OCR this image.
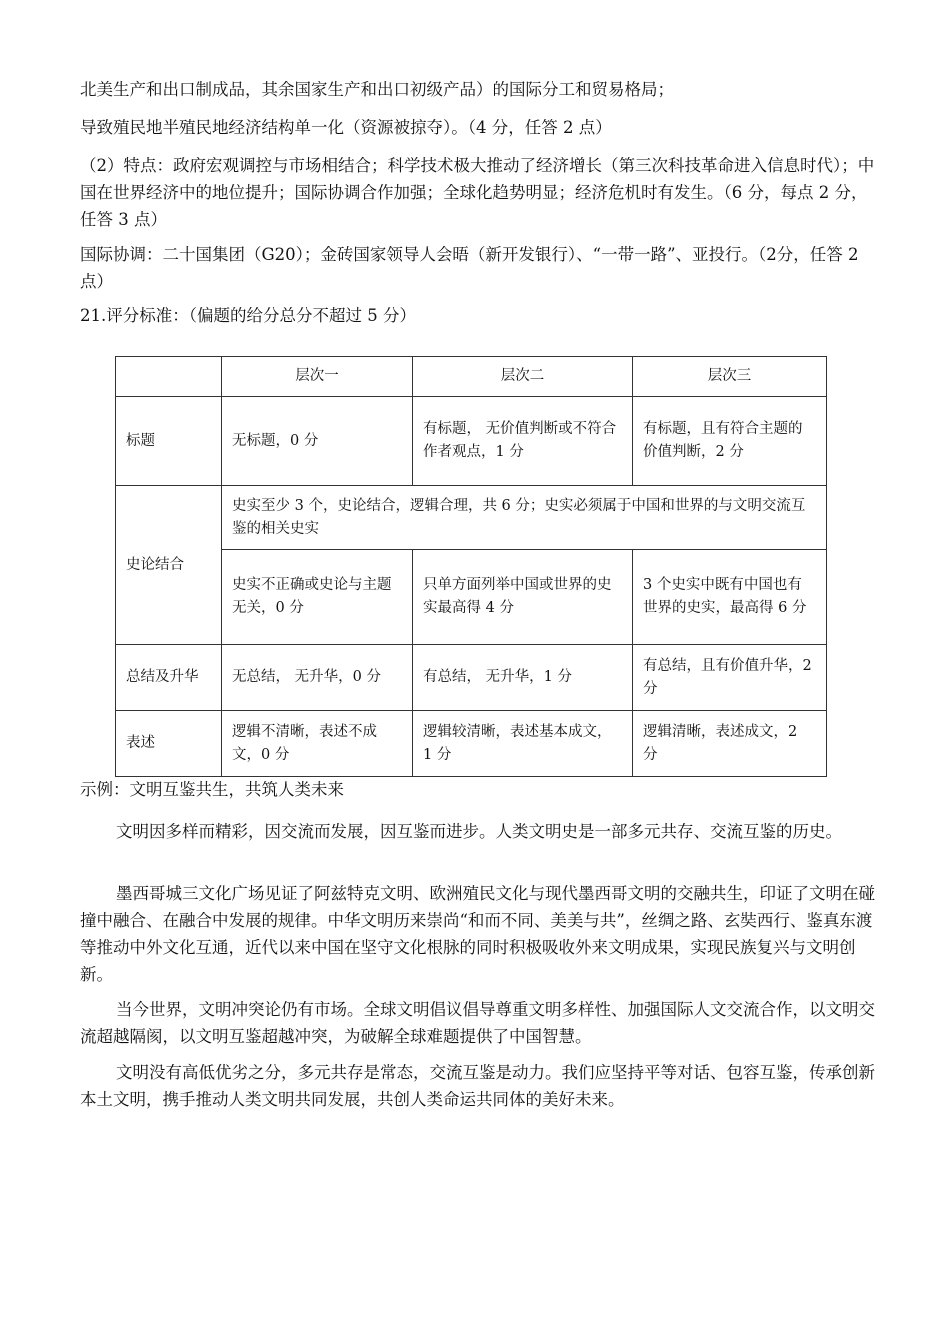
北美生产和出口制成品，其余国家生产和出口初级产品）的国际分工和贸易格局；
导致殖民地半殖民地经济结构单一化（资源被掠夺）。（4 分，任答 2 点）
（2）特点：政府宏观调控与市场相结合；科学技术极大推动了经济增长（第三次科技革命进入信息时代）；中国在世界经济中的地位提升；国际协调合作加强；全球化趋势明显；经济危机时有发生。（6 分，每点 2 分，任答 3 点）
国际协调：二十国集团（G20）；金砖国家领导人会晤（新开发银行）、“一带一路”、亚投行。（2分，任答 2 点）
21.评分标准：（偏题的给分总分不超过 5 分）
	层次一	层次二	层次三
标题	无标题，0 分	有标题， 无价值判断或不符合作者观点，1 分	有标题，且有符合主题的价值判断，2 分
史论结合	史实至少 3 个，史论结合，逻辑合理，共 6 分；史实必须属于中国和世界的与文明交流互鉴的相关史实		
	史实不正确或史论与主题无关，0 分	只单方面列举中国或世界的史实最高得 4 分	3 个史实中既有中国也有世界的史实，最高得 6 分
总结及升华	无总结， 无升华，0 分	有总结， 无升华，1 分	有总结，且有价值升华，2 分
表述	逻辑不清晰，表述不成文，0 分	逻辑较清晰，表述基本成文， 1 分	逻辑清晰，表述成文，2 分
示例：文明互鉴共生，共筑人类未来
文明因多样而精彩，因交流而发展，因互鉴而进步。人类文明史是一部多元共存、交流互鉴的历史。
墨西哥城三文化广场见证了阿兹特克文明、欧洲殖民文化与现代墨西哥文明的交融共生，印证了文明在碰撞中融合、在融合中发展的规律。中华文明历来崇尚“和而不同、美美与共”，丝绸之路、玄奘西行、鉴真东渡等推动中外文化互通，近代以来中国在坚守文化根脉的同时积极吸收外来文明成果，实现民族复兴与文明创新。
当今世界，文明冲突论仍有市场。全球文明倡议倡导尊重文明多样性、加强国际人文交流合作，以文明交流超越隔阂，以文明互鉴超越冲突，为破解全球难题提供了中国智慧。
文明没有高低优劣之分，多元共存是常态，交流互鉴是动力。我们应坚持平等对话、包容互鉴，传承创新本土文明，携手推动人类文明共同发展，共创人类命运共同体的美好未来。
